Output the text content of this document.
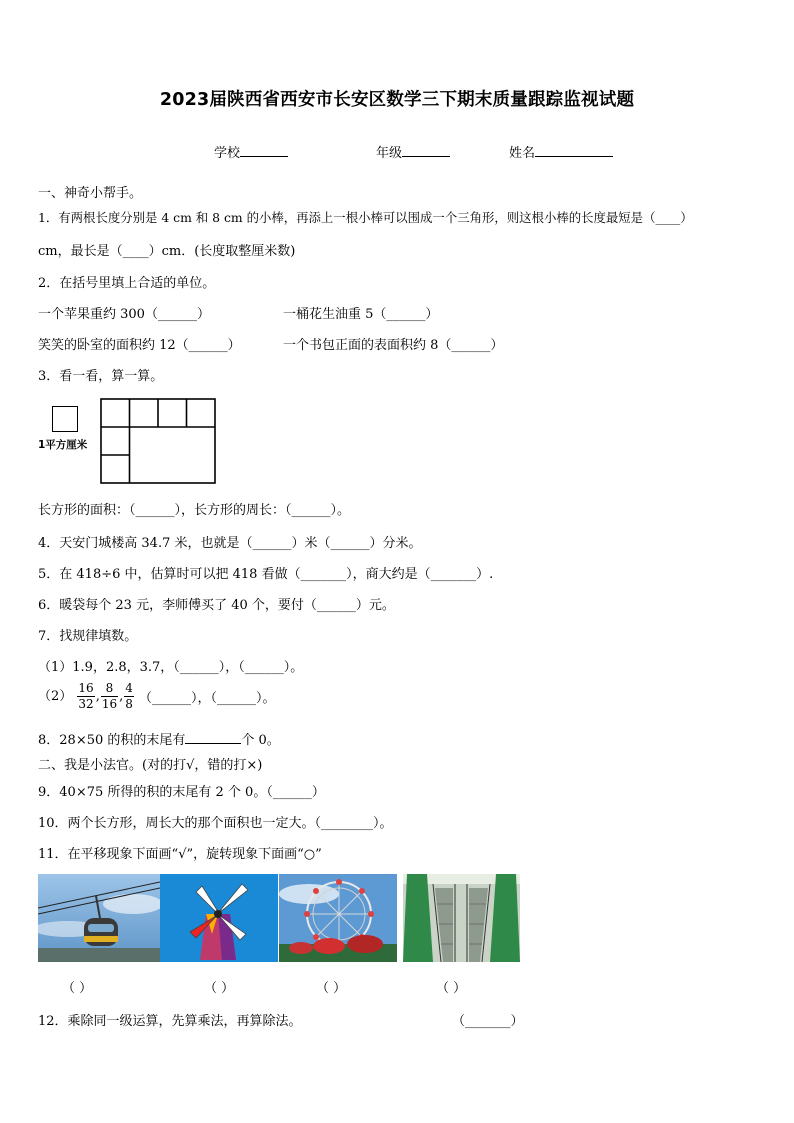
2023届陕西省西安市长安区数学三下期末质量跟踪监视试题
学校	年级	姓名
一、神奇小帮手。
1．有两根长度分别是 4 cm 和 8 cm 的小棒，再添上一根小棒可以围成一个三角形，则这根小棒的长度最短是（____）
cm，最长是（____）cm．(长度取整厘米数)
2．在括号里填上合适的单位。
一个苹果重约 300（______）	一桶花生油重 5（______）
笑笑的卧室的面积约 12（______）	一个书包正面的表面积约 8（______）
3．看一看，算一算。
1平方厘米
长方形的面积：（______），长方形的周长：（______）。
4．天安门城楼高 34.7 米，也就是（______）米（______）分米。
5．在 418÷6 中，估算时可以把 418 看做（_______），商大约是（_______）.
6．暖袋每个 23 元，李师傅买了 40 个，要付（______）元。
7．找规律填数。
（1）1.9，2.8，3.7，（______），（______）。
$(2) \frac{16}{32}$ , $\frac{8}{16}$ , $\frac{4}{8}$ （______），（______）。
8．28×50 的积的末尾有	个 0。
二、我是小法官。(对的打√，错的打×)
9．40×75 所得的积的末尾有 2 个 0。（______）
10．两个长方形，周长大的那个面积也一定大。（________）。
11．在平移现象下面画“√”，旋转现象下面画“○”
（ ）	（ ）	（ ）	（ ）
12．乘除同一级运算，先算乘法，再算除法。	（_______）
